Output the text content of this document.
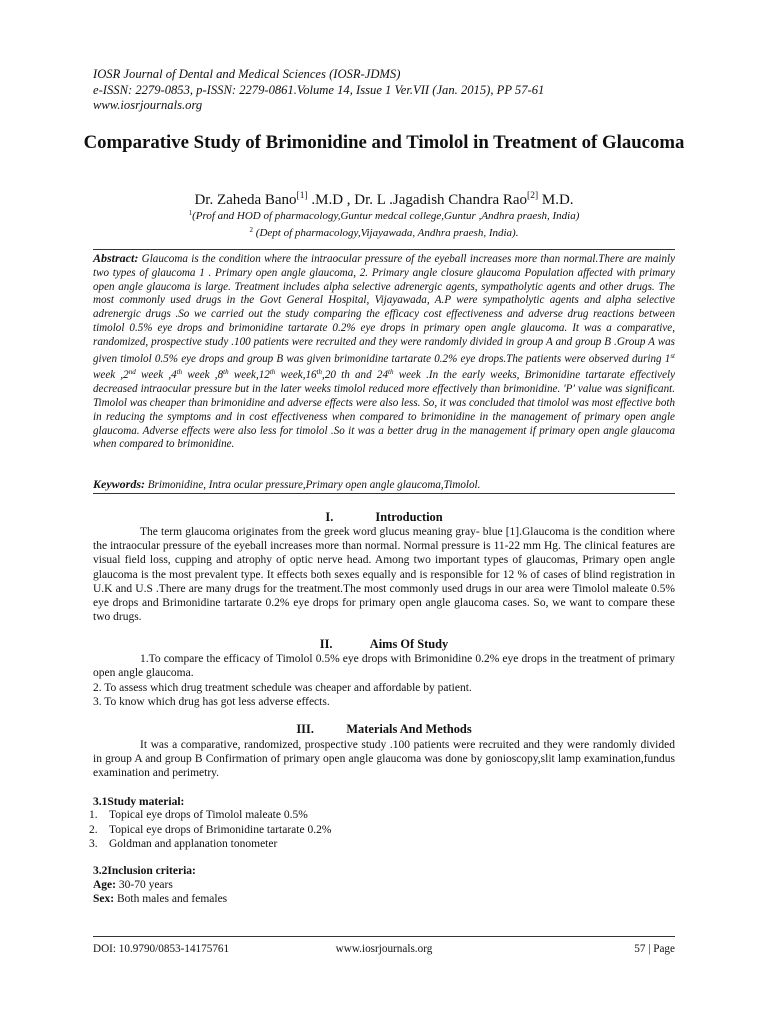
IOSR Journal of Dental and Medical Sciences (IOSR-JDMS)
e-ISSN: 2279-0853, p-ISSN: 2279-0861.Volume 14, Issue 1 Ver.VII (Jan. 2015), PP 57-61
www.iosrjournals.org
Comparative Study of Brimonidine and Timolol in Treatment of Glaucoma
Dr. Zaheda Bano[1] .M.D , Dr. L .Jagadish Chandra Rao[2] M.D.
$^1$(Prof and HOD of pharmacology,Guntur medcal college,Guntur ,Andhra praesh, India)
$^2$ (Dept of pharmacology,Vijayawada, Andhra praesh, India).
Abstract: Glaucoma is the condition where the intraocular pressure of the eyeball increases more than normal.There are mainly two types of glaucoma 1 . Primary open angle glaucoma, 2. Primary angle closure glaucoma Population affected with primary open angle glaucoma is large. Treatment includes alpha selective adrenergic agents, sympatholytic agents and other drugs. The most commonly used drugs in the Govt General Hospital, Vijayawada, A.P were sympatholytic agents and alpha selective adrenergic drugs .So we carried out the study comparing the efficacy cost effectiveness and adverse drug reactions between timolol 0.5% eye drops and brimonidine tartarate 0.2% eye drops in primary open angle glaucoma. It was a comparative, randomized, prospective study .100 patients were recruited and they were randomly divided in group A and group B .Group A was given timolol 0.5% eye drops and group B was given brimonidine tartarate 0.2% eye drops.The patients were observed during 1st week ,2nd week ,4th week ,8th week,12th week,16th,20 th and 24th week .In the early weeks, Brimonidine tartarate effectively decreased intraocular pressure but in the later weeks timolol reduced more effectively than brimonidine. 'P' value was significant. Timolol was cheaper than brimonidine and adverse effects were also less. So, it was concluded that timolol was most effective both in reducing the symptoms and in cost effectiveness when compared to brimonidine in the management of primary open angle glaucoma. Adverse effects were also less for timolol .So it was a better drug in the management if primary open angle glaucoma when compared to brimonidine.
Keywords: Brimonidine, Intra ocular pressure,Primary open angle glaucoma,Timolol.
I.	Introduction
The term glaucoma originates from the greek word glucus meaning gray- blue [1].Glaucoma is the condition where the intraocular pressure of the eyeball increases more than normal. Normal pressure is 11-22 mm Hg. The clinical features are visual field loss, cupping and atrophy of optic nerve head. Among two important types of glaucomas, Primary open angle glaucoma is the most prevalent type. It effects both sexes equally and is responsible for 12 % of cases of blind registration in U.K and U.S .There are many drugs for the treatment.The most commonly used drugs in our area were Timolol maleate 0.5% eye drops and Brimonidine tartarate 0.2% eye drops for primary open angle glaucoma cases. So, we want to compare these two drugs.
II.	Aims Of Study
1.To compare the efficacy of Timolol 0.5% eye drops with Brimonidine 0.2% eye drops in the treatment of primary open angle glaucoma.
2. To assess which drug treatment schedule was cheaper and affordable by patient.
3. To know which drug has got less adverse effects.
III.	Materials And Methods
It was a comparative, randomized, prospective study .100 patients were recruited and they were randomly divided in group A and group B Confirmation of primary open angle glaucoma was done by gonioscopy,slit lamp examination,fundus examination and perimetry.
3.1Study material:
1. Topical eye drops of Timolol maleate 0.5%
2. Topical eye drops of Brimonidine tartarate 0.2%
3. Goldman and applanation tonometer
3.2Inclusion criteria:
Age: 30-70 years
Sex: Both males and females
DOI: 10.9790/0853-14175761	www.iosrjournals.org	57 | Page
